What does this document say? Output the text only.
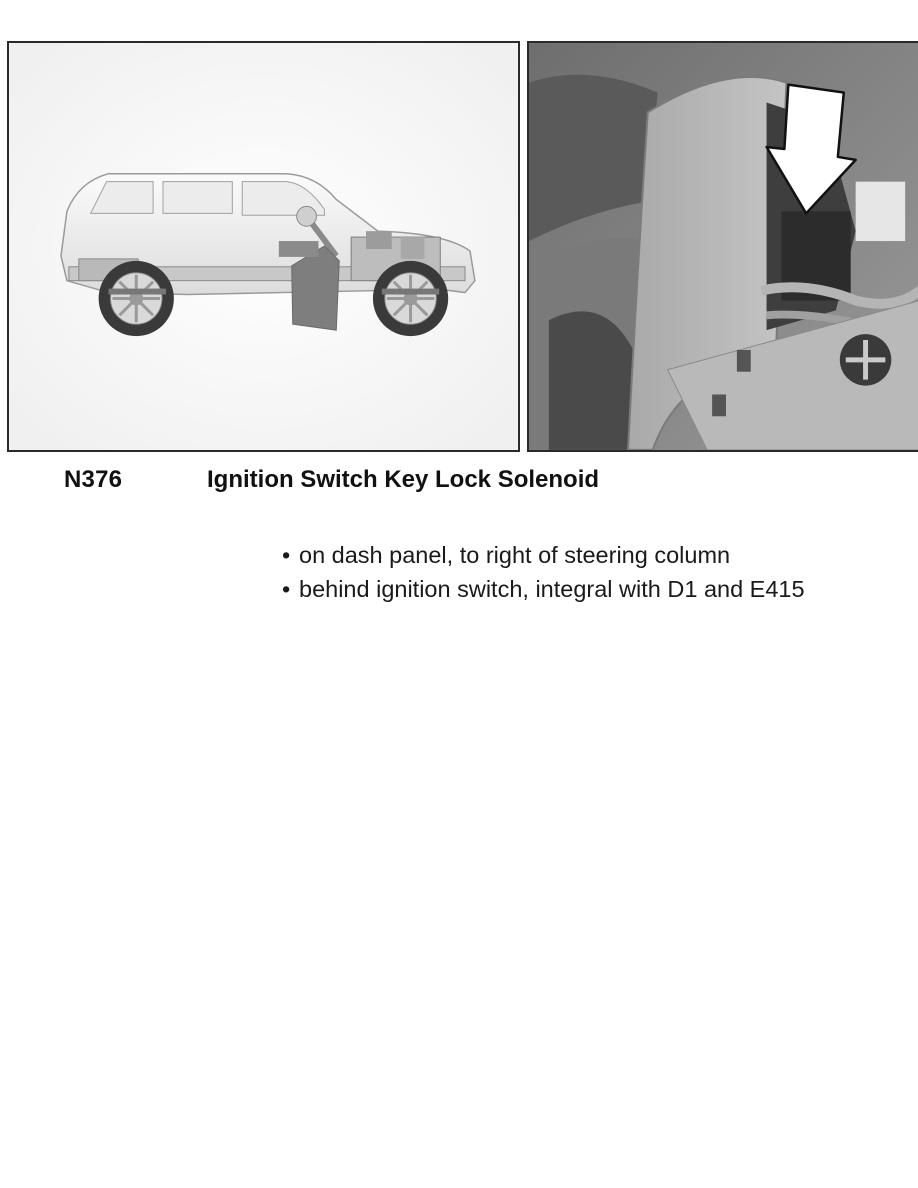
N376	Ignition Switch Key Lock Solenoid
• on dash panel, to right of steering column
• behind ignition switch, integral with D1 and E415
